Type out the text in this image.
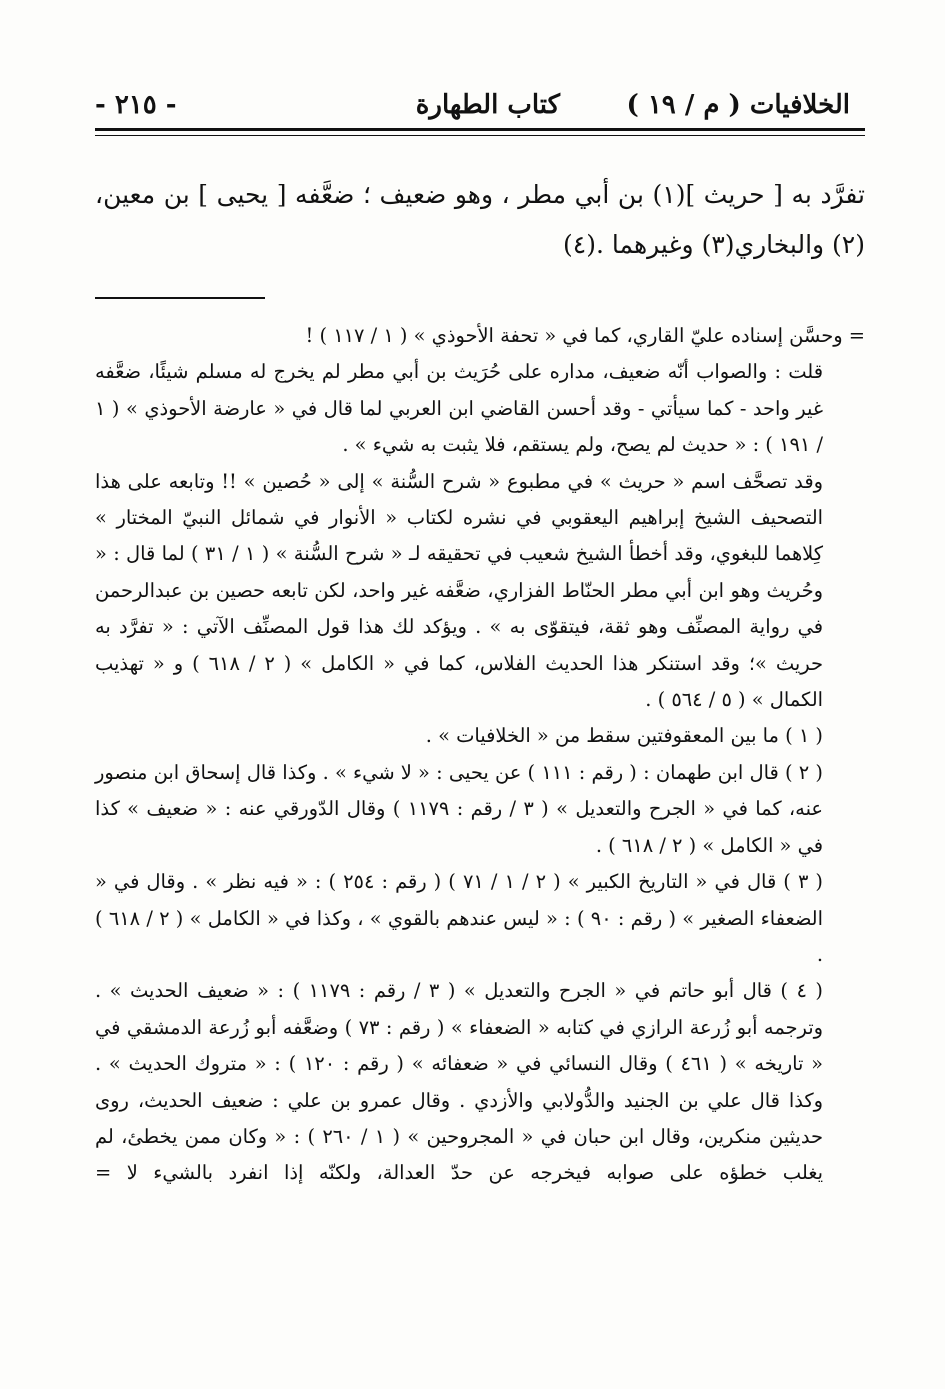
الخلافيات ( م / ١٩ )
كتاب الطهارة
- ٢١٥ -

تفرَّد به [ حريث ](١) بن أبي مطر ، وهو ضعيف ؛ ضعَّفه [ يحيى ] بن معين،(٢) والبخاري(٣) وغيرهما .(٤)

= وحسَّن إسناده عليّ القاري، كما في « تحفة الأحوذي » ( ١ / ١١٧ ) !

قلت : والصواب أنّه ضعيف، مداره على حُرَيث بن أبي مطر لم يخرج له مسلم شيئًا، ضعَّفه غير واحد - كما سيأتي - وقد أحسن القاضي ابن العربي لما قال في « عارضة الأحوذي » ( ١ / ١٩١ ) : « حديث لم يصح، ولم يستقم، فلا يثبت به شيء » .

وقد تصحَّف اسم « حريث » في مطبوع « شرح السُّنة » إلى « حُصين » !! وتابعه على هذا التصحيف الشيخ إبراهيم اليعقوبي في نشره لكتاب « الأنوار في شمائل النبيّ المختار » كِلاهما للبغوي، وقد أخطأ الشيخ شعيب في تحقيقه لـ « شرح السُّنة » ( ١ / ٣١ ) لما قال : « وحُريث وهو ابن أبي مطر الحنّاط الفزاري، ضعَّفه غير واحد، لكن تابعه حصين بن عبدالرحمن في رواية المصنِّف وهو ثقة، فيتقوّى به » . ويؤكد لك هذا قول المصنِّف الآتي : « تفرَّد به حريث »؛ وقد استنكر هذا الحديث الفلاس، كما في « الكامل » ( ٢ / ٦١٨ ) و « تهذيب الكمال » ( ٥ / ٥٦٤ ) .

( ١ ) ما بين المعقوفتين سقط من « الخلافيات » .

( ٢ ) قال ابن طهمان : ( رقم : ١١١ ) عن يحيى : « لا شيء » . وكذا قال إسحاق ابن منصور عنه، كما في « الجرح والتعديل » ( ٣ / رقم : ١١٧٩ ) وقال الدّورقي عنه : « ضعيف » كذا في « الكامل » ( ٢ / ٦١٨ ) .

( ٣ ) قال في « التاريخ الكبير » ( ٢ / ١ / ٧١ ) ( رقم : ٢٥٤ ) : « فيه نظر » . وقال في « الضعفاء الصغير » ( رقم : ٩٠ ) : « ليس عندهم بالقوي » ، وكذا في « الكامل » ( ٢ / ٦١٨ ) .

( ٤ ) قال أبو حاتم في « الجرح والتعديل » ( ٣ / رقم : ١١٧٩ ) : « ضعيف الحديث » . وترجمه أبو زُرعة الرازي في كتابه « الضعفاء » ( رقم : ٧٣ ) وضعَّفه أبو زُرعة الدمشقي في « تاريخه » ( ٤٦١ ) وقال النسائي في « ضعفائه » ( رقم : ١٢٠ ) : « متروك الحديث » . وكذا قال علي بن الجنيد والدُّولابي والأزدي . وقال عمرو بن علي : ضعيف الحديث، روى حديثين منكرين، وقال ابن حبان في « المجروحين » ( ١ / ٢٦٠ ) : « وكان ممن يخطئ، لم يغلب خطؤه على صوابه فيخرجه عن حدّ العدالة، ولكنّه إذا انفرد بالشيء لا =
